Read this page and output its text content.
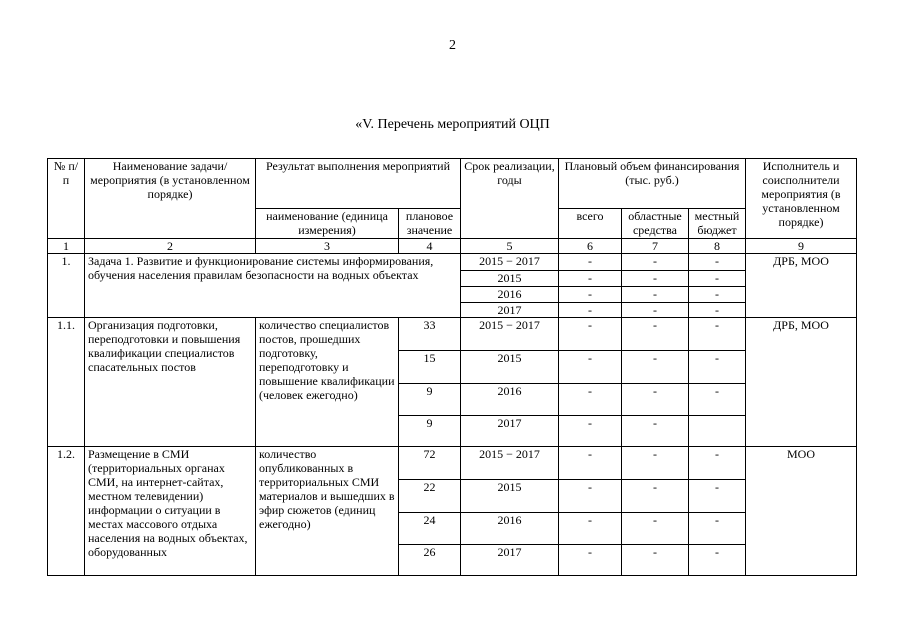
2
«V. Перечень мероприятий ОЦП
№ п/п	Наименование задачи/мероприятия (в установленном порядке)	Результат выполнения мероприятий		Срок реализации, годы	Плановый объем финансирования (тыс. руб.)			Исполнитель и соисполнители мероприятия (в установленном порядке)
		наименование (единица измерения)	плановое значение		всего	областные средства	местный бюджет	
1	2	3	4	5	6	7	8	9
1.	Задача 1. Развитие и функционирование системы информирования, обучения населения правилам безопасности на водных объектах			2015 − 2017	-	-	-	ДРБ, МОО
				2015	-	-	-	
				2016	-	-	-	
				2017	-	-	-	
1.1.	Организация подготовки, переподготовки и повышения квалификации специалистов спасательных постов	количество специалистов постов, прошедших подготовку, переподготовку и повышение квалификации (человек ежегодно)	33	2015 − 2017	-	-	-	ДРБ, МОО
			15	2015	-	-	-	
			9	2016	-	-	-	
			9	2017	-	-		
1.2.	Размещение в СМИ (территориальных органах СМИ, на интернет-сайтах, местном телевидении) информации о ситуации в местах массового отдыха населения на водных объектах, оборудованных	количество опубликованных в территориальных СМИ материалов и вышедших в эфир сюжетов (единиц ежегодно)	72	2015 − 2017	-	-	-	МОО
			22	2015	-	-	-	
			24	2016	-	-	-	
			26	2017	-	-	-	
